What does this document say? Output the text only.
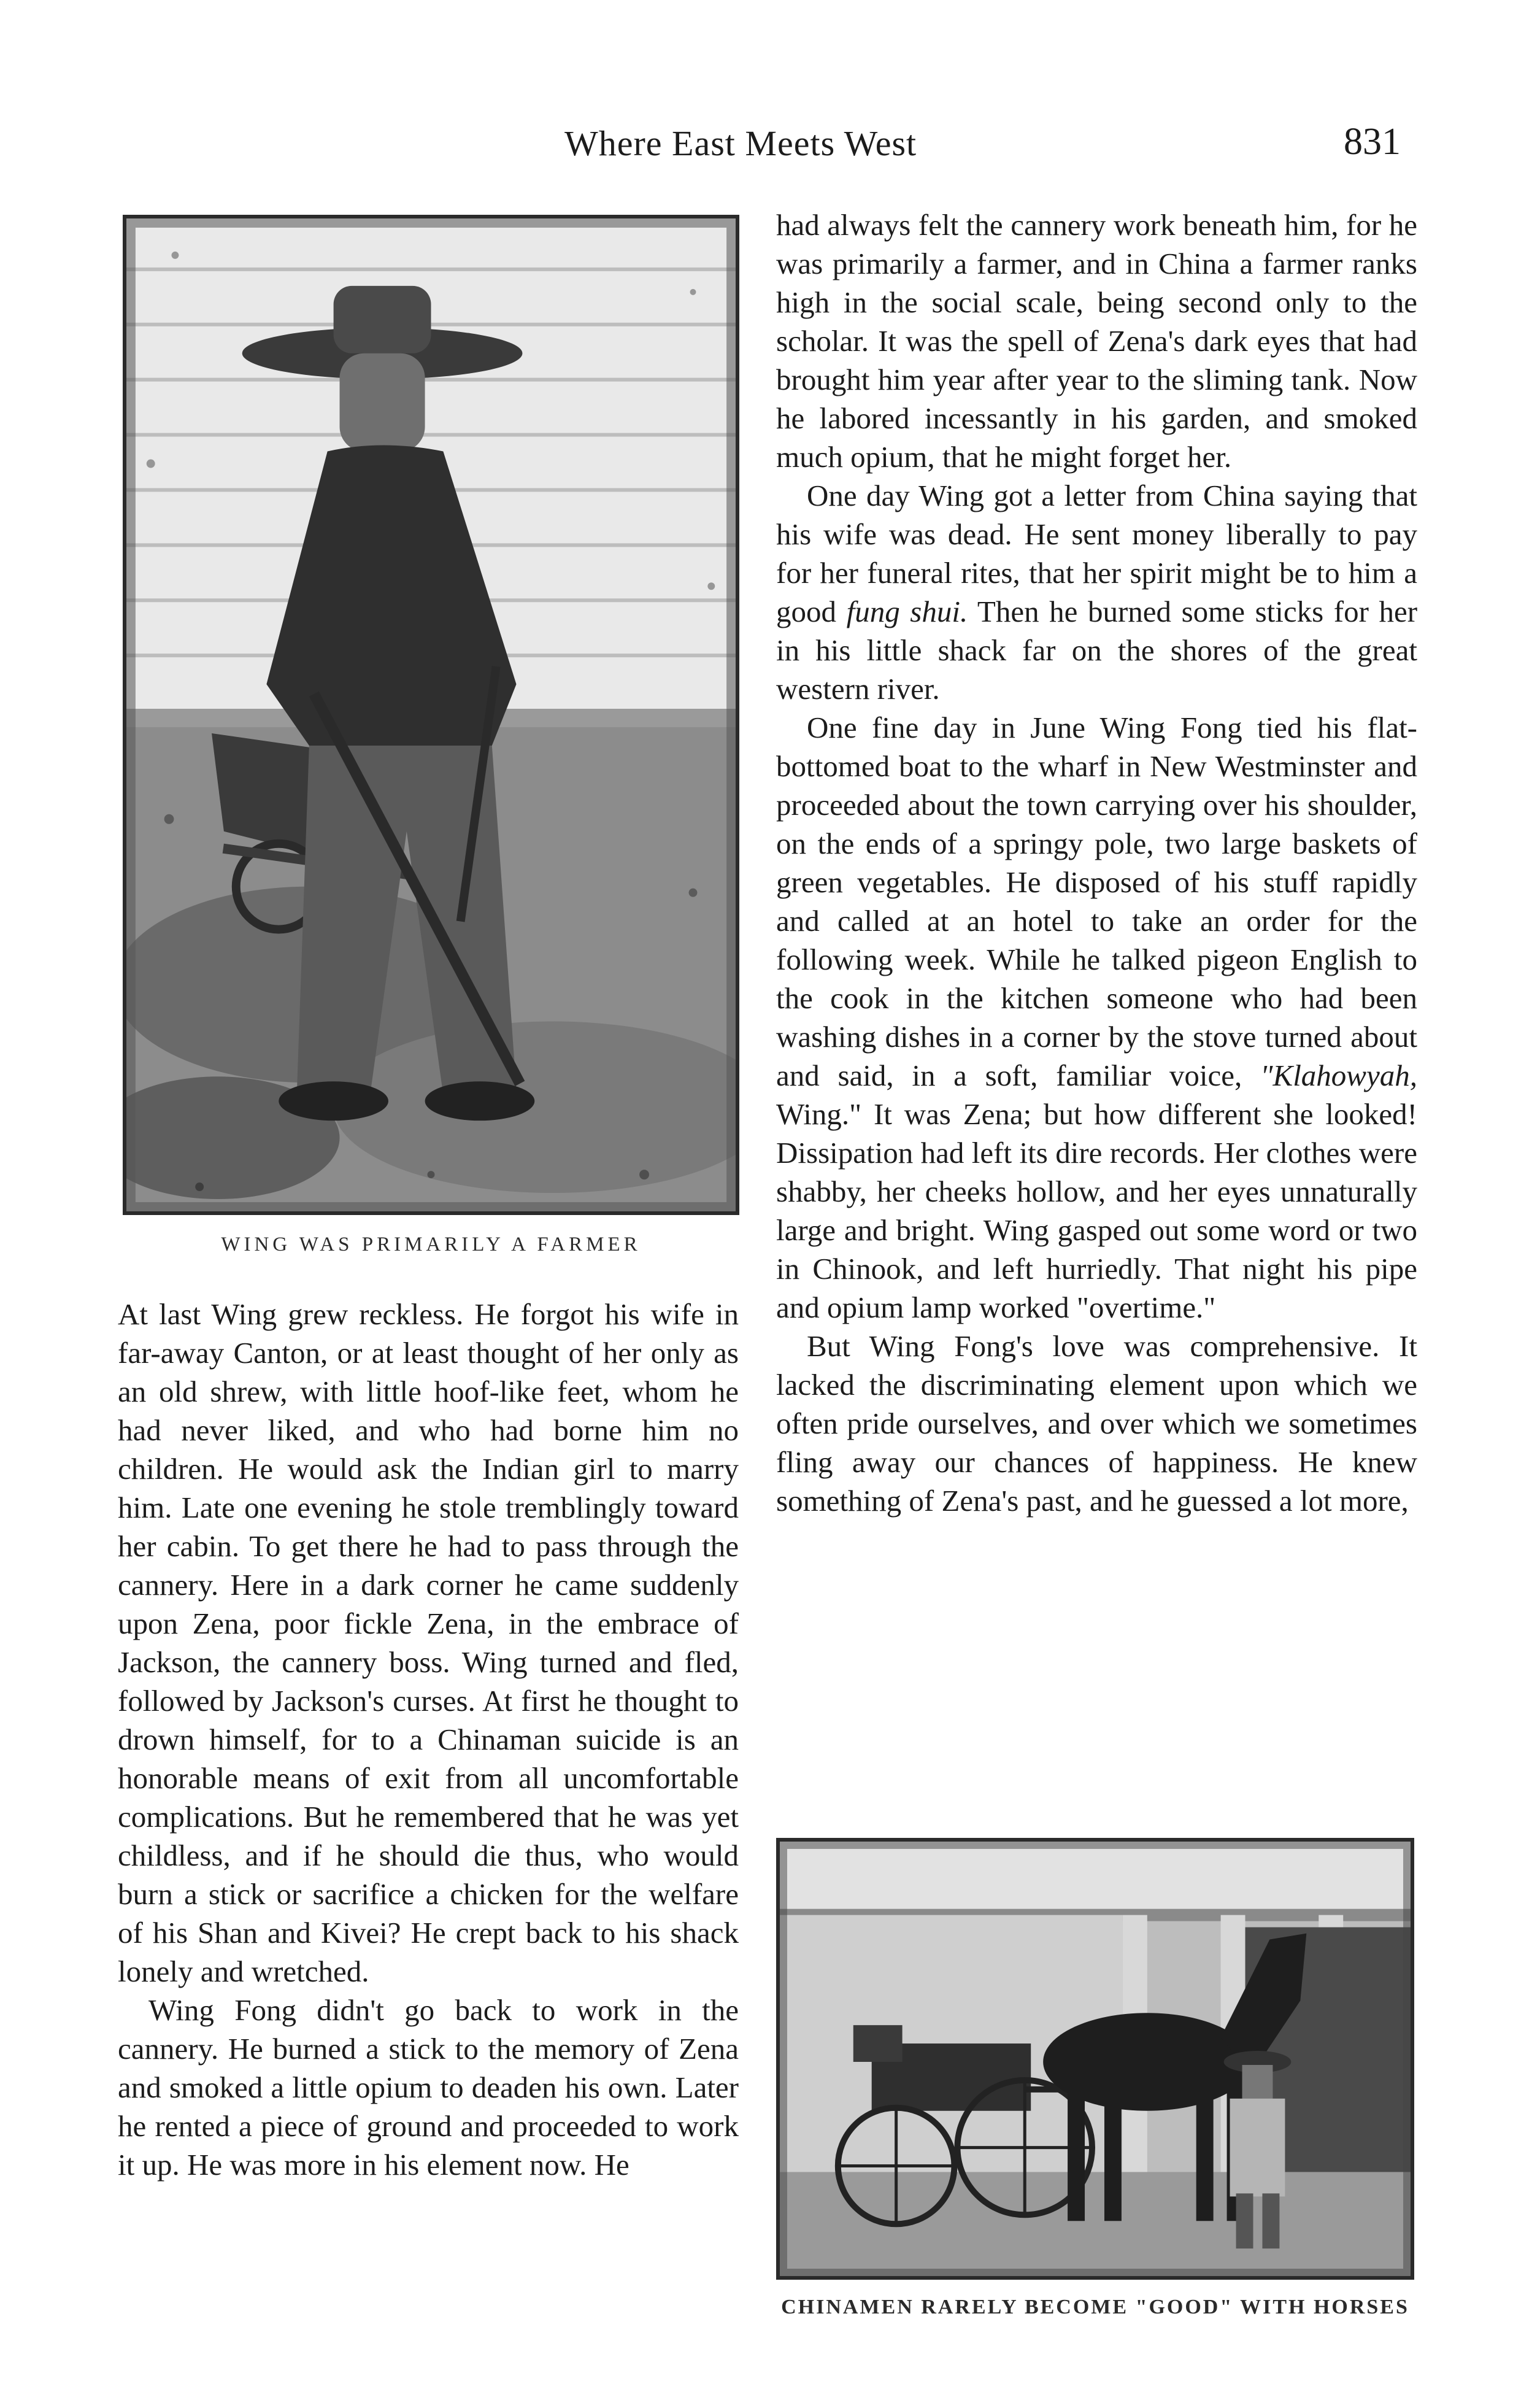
Where East Meets West	831
WING WAS PRIMARILY A FARMER

had always felt the cannery work beneath him, for he was primarily a farmer, and in China a farmer ranks high in the social scale, being second only to the scholar. It was the spell of Zena's dark eyes that had brought him year after year to the sliming tank. Now he labored incessantly in his garden, and smoked much opium, that he might forget her.

One day Wing got a letter from China saying that his wife was dead. He sent money liberally to pay for her funeral rites, that her spirit might be to him a good fung shui. Then he burned some sticks for her in his little shack far on the shores of the great western river.

One fine day in June Wing Fong tied his flat-bottomed boat to the wharf in New Westminster and proceeded about the town carrying over his shoulder, on the ends of a springy pole, two large baskets of green vegetables. He disposed of his stuff rapidly and called at an hotel to take an order for the following week. While he talked pigeon English to the cook in the kitchen someone who had been washing dishes in a corner by the stove turned about and said, in a soft, familiar voice, "Klahowyah, Wing." It was Zena; but how different she looked! Dissipation had left its dire records. Her clothes were shabby, her cheeks hollow, and her eyes unnaturally large and bright. Wing gasped out some word or two in Chinook, and left hurriedly. That night his pipe and opium lamp worked "overtime."

But Wing Fong's love was comprehensive. It lacked the discriminating element upon which we often pride ourselves, and over which we sometimes fling away our chances of happiness. He knew something of Zena's past, and he guessed a lot more,

At last Wing grew reckless. He forgot his wife in far-away Canton, or at least thought of her only as an old shrew, with little hoof-like feet, whom he had never liked, and who had borne him no children. He would ask the Indian girl to marry him. Late one evening he stole tremblingly toward her cabin. To get there he had to pass through the cannery. Here in a dark corner he came suddenly upon Zena, poor fickle Zena, in the embrace of Jackson, the cannery boss. Wing turned and fled, followed by Jackson's curses. At first he thought to drown himself, for to a Chinaman suicide is an honorable means of exit from all uncomfortable complications. But he remembered that he was yet childless, and if he should die thus, who would burn a stick or sacrifice a chicken for the welfare of his Shan and Kivei? He crept back to his shack lonely and wretched.

Wing Fong didn't go back to work in the cannery. He burned a stick to the memory of Zena and smoked a little opium to deaden his own. Later he rented a piece of ground and proceeded to work it up. He was more in his element now. He

CHINAMEN RARELY BECOME "GOOD" WITH HORSES
